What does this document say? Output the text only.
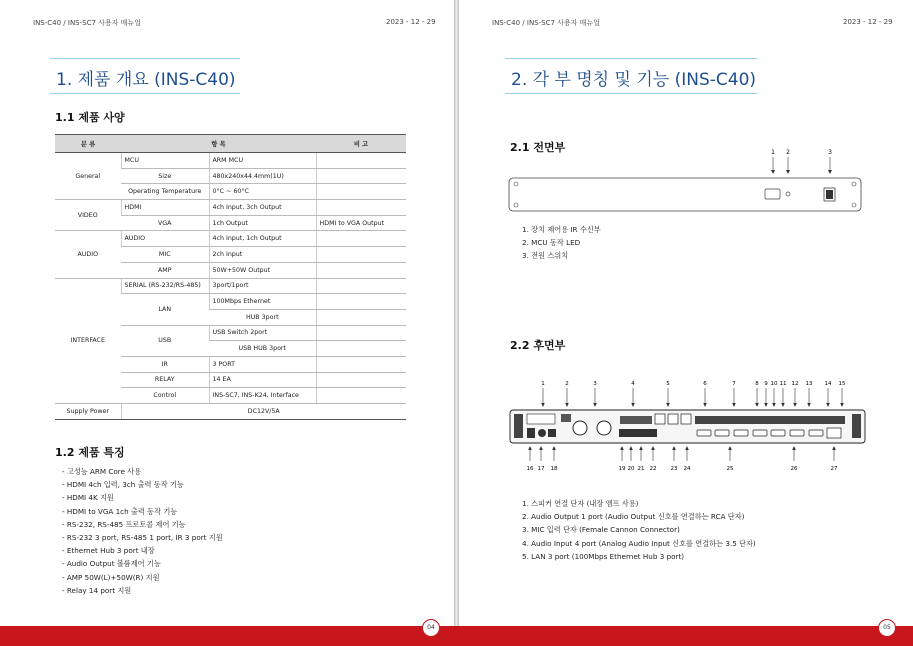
INS-C40 / INS-SC7 사용자 매뉴얼	2023 - 12 - 29
1. 제품 개요 (INS-C40)
1.1 제품 사양
분 류	항 목		비 고
General	MCU	ARM MCU	
	Size	480x240x44.4mm(1U)	
	Operating Temperature	0°C ~ 60°C	
VIDEO	HDMI	4ch Input, 3ch Output	
	VGA	1ch Output	HDMI to VGA Output
AUDIO	AUDIO	4ch Input, 1ch Output	
	MIC	2ch Input	
	AMP	50W+50W Output	
INTERFACE	SERIAL (RS-232/RS-485)	3port/1port	
	LAN	100Mbps Ethernet	
		HUB 3port	
	USB	USB Switch 2port	
		USB HUB 3port	
	IR	3 PORT	
	RELAY	14 EA	
	Control	INS-SC7, INS-K24, Interface	
Supply Power	DC12V/5A		
1.2 제품 특징
- 고성능 ARM Core 사용
- HDMI 4ch 입력, 3ch 출력 동작 기능
- HDMI 4K 지원
- HDMI to VGA 1ch 출력 동작 기능
- RS-232, RS-485 프로토콜 제어 기능
- RS-232 3 port, RS-485 1 port, IR 3 port 지원
- Ethernet Hub 3 port 내장
- Audio Output 볼륨제어 기능
- AMP 50W(L)+50W(R) 지원
- Relay 14 port 지원
INS-C40 / INS-SC7 사용자 매뉴얼	2023 - 12 - 29
2. 각 부 명칭 및 기능 (INS-C40)
2.1 전면부	1 2	3
1. 장치 제어용 IR 수신부
2. MCU 동작 LED
3. 전원 스위치
2.2 후면부
1	2	3	4	5	6	7	8 9 10 11 12 13 14 15
16 17 18	19 20 21 22	23 24	25	26	27
1. 스피커 연결 단자 (내장 앰프 사용)
2. Audio Output 1 port (Audio Output 신호를 연결하는 RCA 단자)
3. MIC 입력 단자 (Female Cannon Connector)
4. Audio Input 4 port (Analog Audio Input 신호를 연결하는 3.5 단자)
5. LAN 3 port (100Mbps Ethernet Hub 3 port)
04	05
